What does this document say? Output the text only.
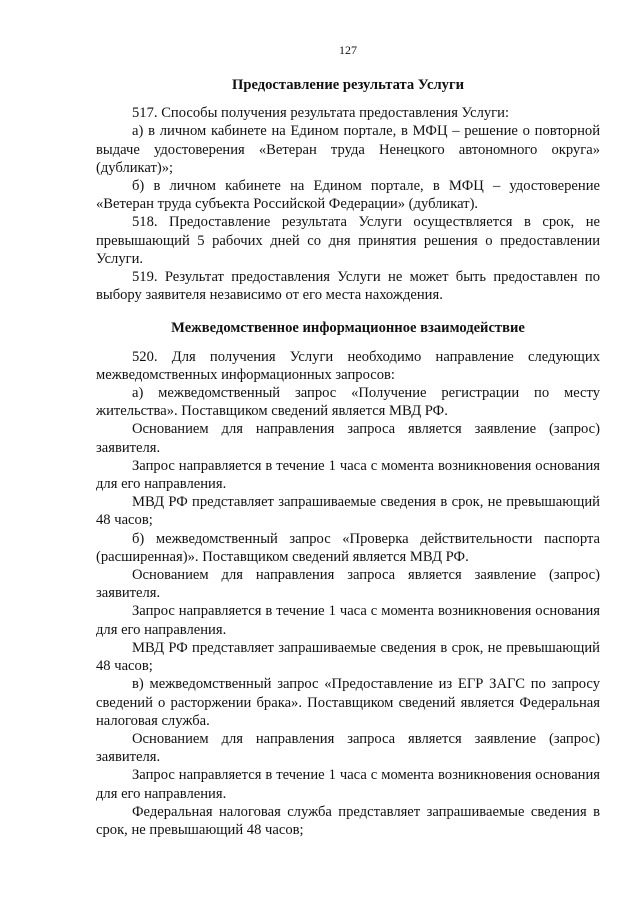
127
Предоставление результата Услуги

517. Способы получения результата предоставления Услуги:

а) в личном кабинете на Едином портале, в МФЦ – решение о повторной выдаче удостоверения «Ветеран труда Ненецкого автономного округа» (дубликат)»;

б) в личном кабинете на Едином портале, в МФЦ – удостоверение «Ветеран труда субъекта Российской Федерации» (дубликат).

518. Предоставление результата Услуги осуществляется в срок, не превышающий 5 рабочих дней со дня принятия решения о предоставлении Услуги.

519. Результат предоставления Услуги не может быть предоставлен по выбору заявителя независимо от его места нахождения.

Межведомственное информационное взаимодействие

520. Для получения Услуги необходимо направление следующих межведомственных информационных запросов:

а) межведомственный запрос «Получение регистрации по месту жительства». Поставщиком сведений является МВД РФ.

Основанием для направления запроса является заявление (запрос) заявителя.

Запрос направляется в течение 1 часа с момента возникновения основания для его направления.

МВД РФ представляет запрашиваемые сведения в срок, не превышающий 48 часов;

б) межведомственный запрос «Проверка действительности паспорта (расширенная)». Поставщиком сведений является МВД РФ.

Основанием для направления запроса является заявление (запрос) заявителя.

Запрос направляется в течение 1 часа с момента возникновения основания для его направления.

МВД РФ представляет запрашиваемые сведения в срок, не превышающий 48 часов;

в) межведомственный запрос «Предоставление из ЕГР ЗАГС по запросу сведений о расторжении брака». Поставщиком сведений является Федеральная налоговая служба.

Основанием для направления запроса является заявление (запрос) заявителя.

Запрос направляется в течение 1 часа с момента возникновения основания для его направления.

Федеральная налоговая служба представляет запрашиваемые сведения в срок, не превышающий 48 часов;
